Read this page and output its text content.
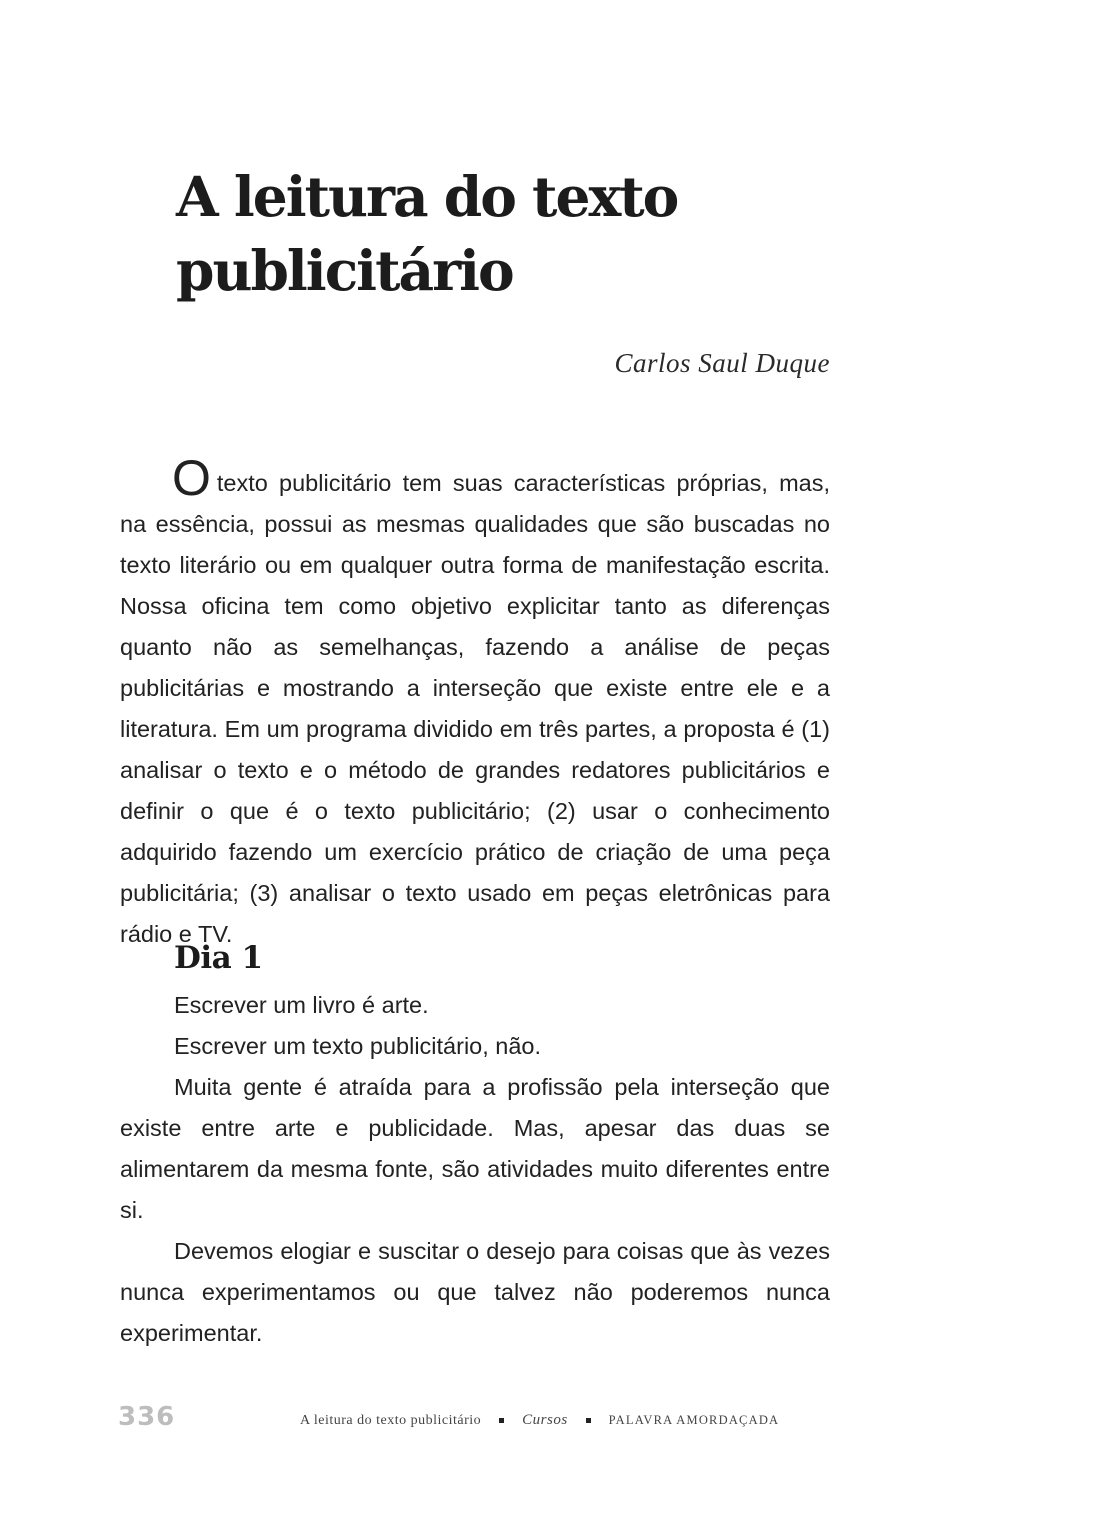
A leitura do texto
publicitário
Carlos Saul Duque
Otexto publicitário tem suas características próprias, mas, na essência, possui as mesmas qualidades que são buscadas no texto literário ou em qualquer outra forma de manifestação escrita. Nossa oficina tem como objetivo explicitar tanto as diferenças quanto não as semelhanças, fazendo a análise de peças publicitárias e mostrando a interseção que existe entre ele e a literatura. Em um programa dividido em três partes, a proposta é (1) analisar o texto e o método de grandes redatores publicitários e definir o que é o texto publicitário; (2) usar o conhecimento adquirido fazendo um exercício prático de criação de uma peça publicitária; (3) analisar o texto usado em peças eletrônicas para rádio e TV.
Dia 1

Escrever um livro é arte.

Escrever um texto publicitário, não.

Muita gente é atraída para a profissão pela interseção que existe entre arte e publicidade. Mas, apesar das duas se alimentarem da mesma fonte, são atividades muito diferentes entre si.

Devemos elogiar e suscitar o desejo para coisas que às vezes nunca experimentamos ou que talvez não poderemos nunca experimentar.

336	A leitura do texto publicitário	Cursos	PALAVRA AMORDAÇADA
